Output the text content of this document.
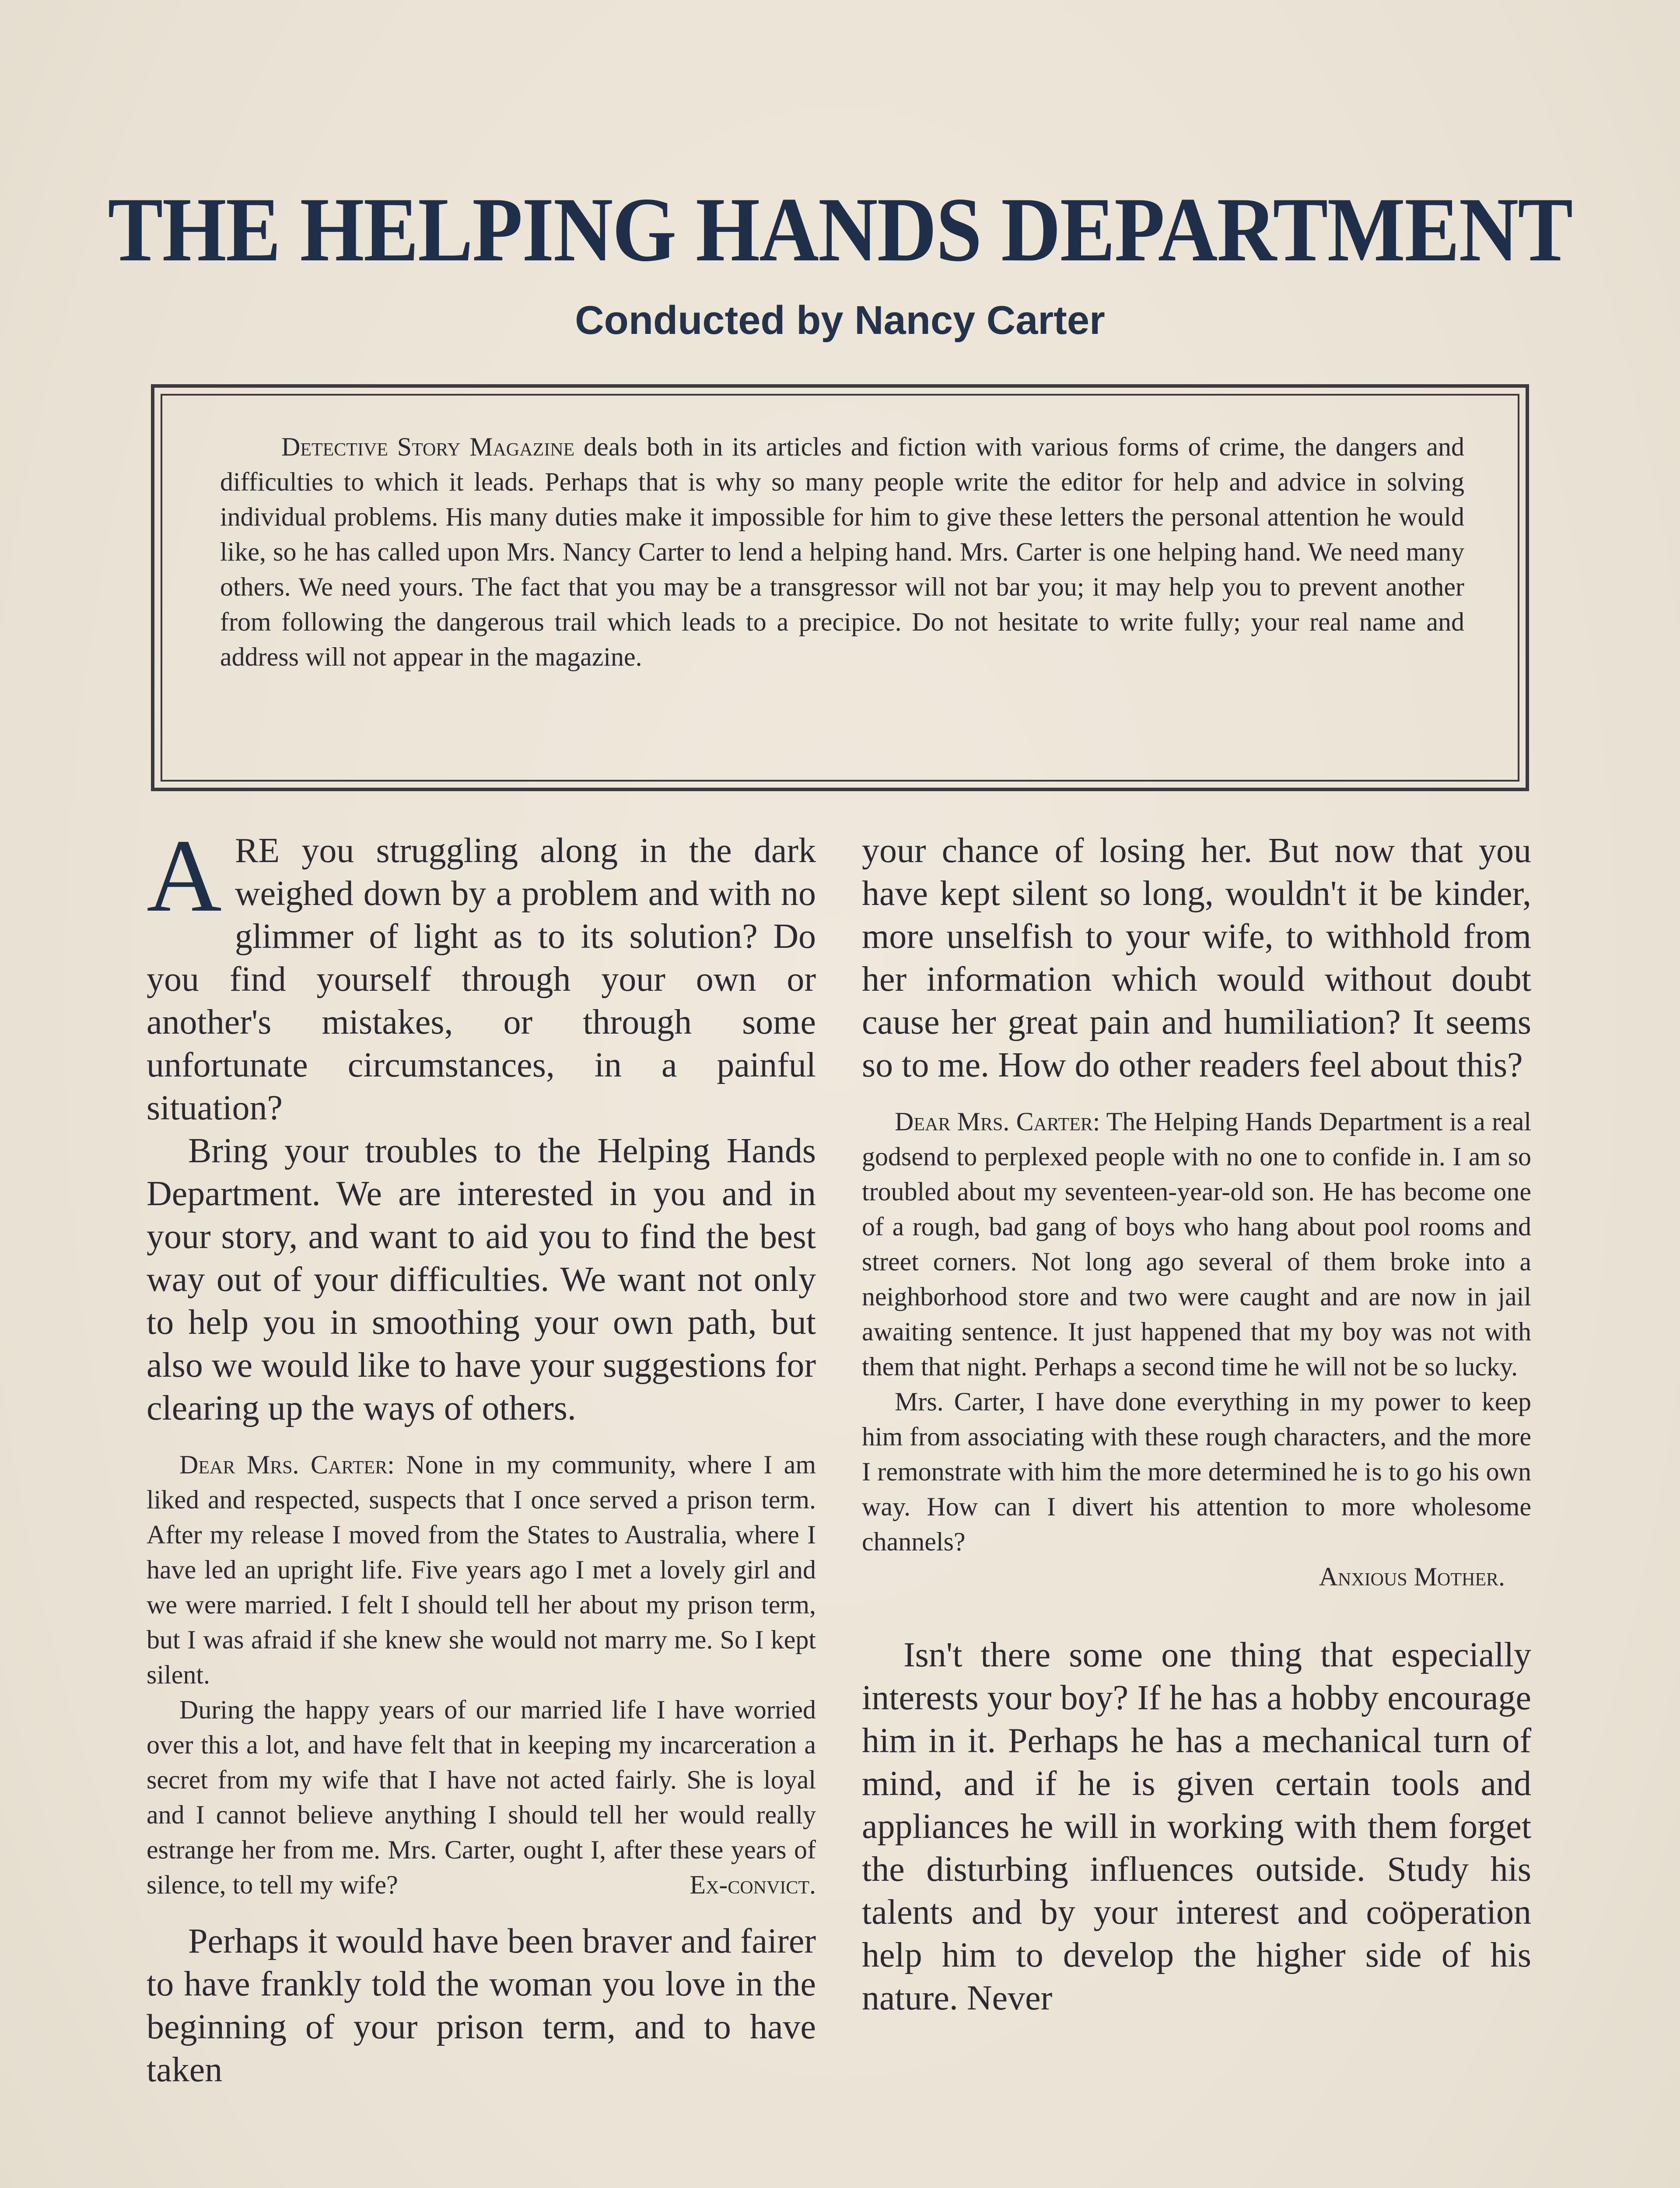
THE HELPING HANDS DEPARTMENT
Conducted by Nancy Carter
Detective Story Magazine deals both in its articles and fiction with various forms of crime, the dangers and difficulties to which it leads. Perhaps that is why so many people write the editor for help and advice in solving individual problems. His many duties make it impossible for him to give these letters the personal attention he would like, so he has called upon Mrs. Nancy Carter to lend a helping hand. Mrs. Carter is one helping hand. We need many others. We need yours. The fact that you may be a transgressor will not bar you; it may help you to prevent another from following the dangerous trail which leads to a precipice. Do not hesitate to write fully; your real name and address will not appear in the magazine.

ARE you struggling along in the dark weighed down by a problem and with no glimmer of light as to its solution? Do you find yourself through your own or another's mistakes, or through some unfortunate circumstances, in a painful situation?

Bring your troubles to the Helping Hands Department. We are interested in you and in your story, and want to aid you to find the best way out of your difficulties. We want not only to help you in smoothing your own path, but also we would like to have your suggestions for clearing up the ways of others.

Dear Mrs. Carter: None in my community, where I am liked and respected, suspects that I once served a prison term. After my release I moved from the States to Australia, where I have led an upright life. Five years ago I met a lovely girl and we were married. I felt I should tell her about my prison term, but I was afraid if she knew she would not marry me. So I kept silent.

During the happy years of our married life I have worried over this a lot, and have felt that in keeping my incarceration a secret from my wife that I have not acted fairly. She is loyal and I cannot believe anything I should tell her would really estrange her from me. Mrs. Carter, ought I, after these years of silence, to tell my wife?	Ex-convict.

Perhaps it would have been braver and fairer to have frankly told the woman you love in the beginning of your prison term, and to have taken

your chance of losing her. But now that you have kept silent so long, wouldn't it be kinder, more unselfish to your wife, to withhold from her information which would without doubt cause her great pain and humiliation? It seems so to me. How do other readers feel about this?

Dear Mrs. Carter: The Helping Hands Department is a real godsend to perplexed people with no one to confide in. I am so troubled about my seventeen-year-old son. He has become one of a rough, bad gang of boys who hang about pool rooms and street corners. Not long ago several of them broke into a neighborhood store and two were caught and are now in jail awaiting sentence. It just happened that my boy was not with them that night. Perhaps a second time he will not be so lucky.

Mrs. Carter, I have done everything in my power to keep him from associating with these rough characters, and the more I remonstrate with him the more determined he is to go his own way. How can I divert his attention to more wholesome channels?

Anxious Mother.

Isn't there some one thing that especially interests your boy? If he has a hobby encourage him in it. Perhaps he has a mechanical turn of mind, and if he is given certain tools and appliances he will in working with them forget the disturbing influences outside. Study his talents and by your interest and coöperation help him to develop the higher side of his nature. Never
